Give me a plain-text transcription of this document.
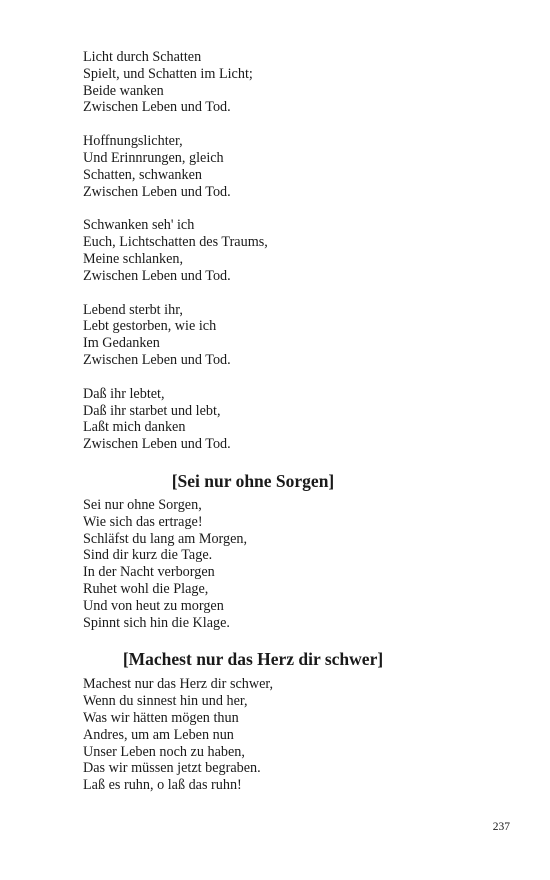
Licht durch Schatten
Spielt, und Schatten im Licht;
Beide wanken
Zwischen Leben und Tod.
Hoffnungslichter,
Und Erinnrungen, gleich
Schatten, schwanken
Zwischen Leben und Tod.
Schwanken seh' ich
Euch, Lichtschatten des Traums,
Meine schlanken,
Zwischen Leben und Tod.
Lebend sterbt ihr,
Lebt gestorben, wie ich
Im Gedanken
Zwischen Leben und Tod.
Daß ihr lebtet,
Daß ihr starbet und lebt,
Laßt mich danken
Zwischen Leben und Tod.
[Sei nur ohne Sorgen]
Sei nur ohne Sorgen,
Wie sich das ertrage!
Schläfst du lang am Morgen,
Sind dir kurz die Tage.
In der Nacht verborgen
Ruhet wohl die Plage,
Und von heut zu morgen
Spinnt sich hin die Klage.
[Machest nur das Herz dir schwer]
Machest nur das Herz dir schwer,
Wenn du sinnest hin und her,
Was wir hätten mögen thun
Andres, um am Leben nun
Unser Leben noch zu haben,
Das wir müssen jetzt begraben.
Laß es ruhn, o laß das ruhn!
237
